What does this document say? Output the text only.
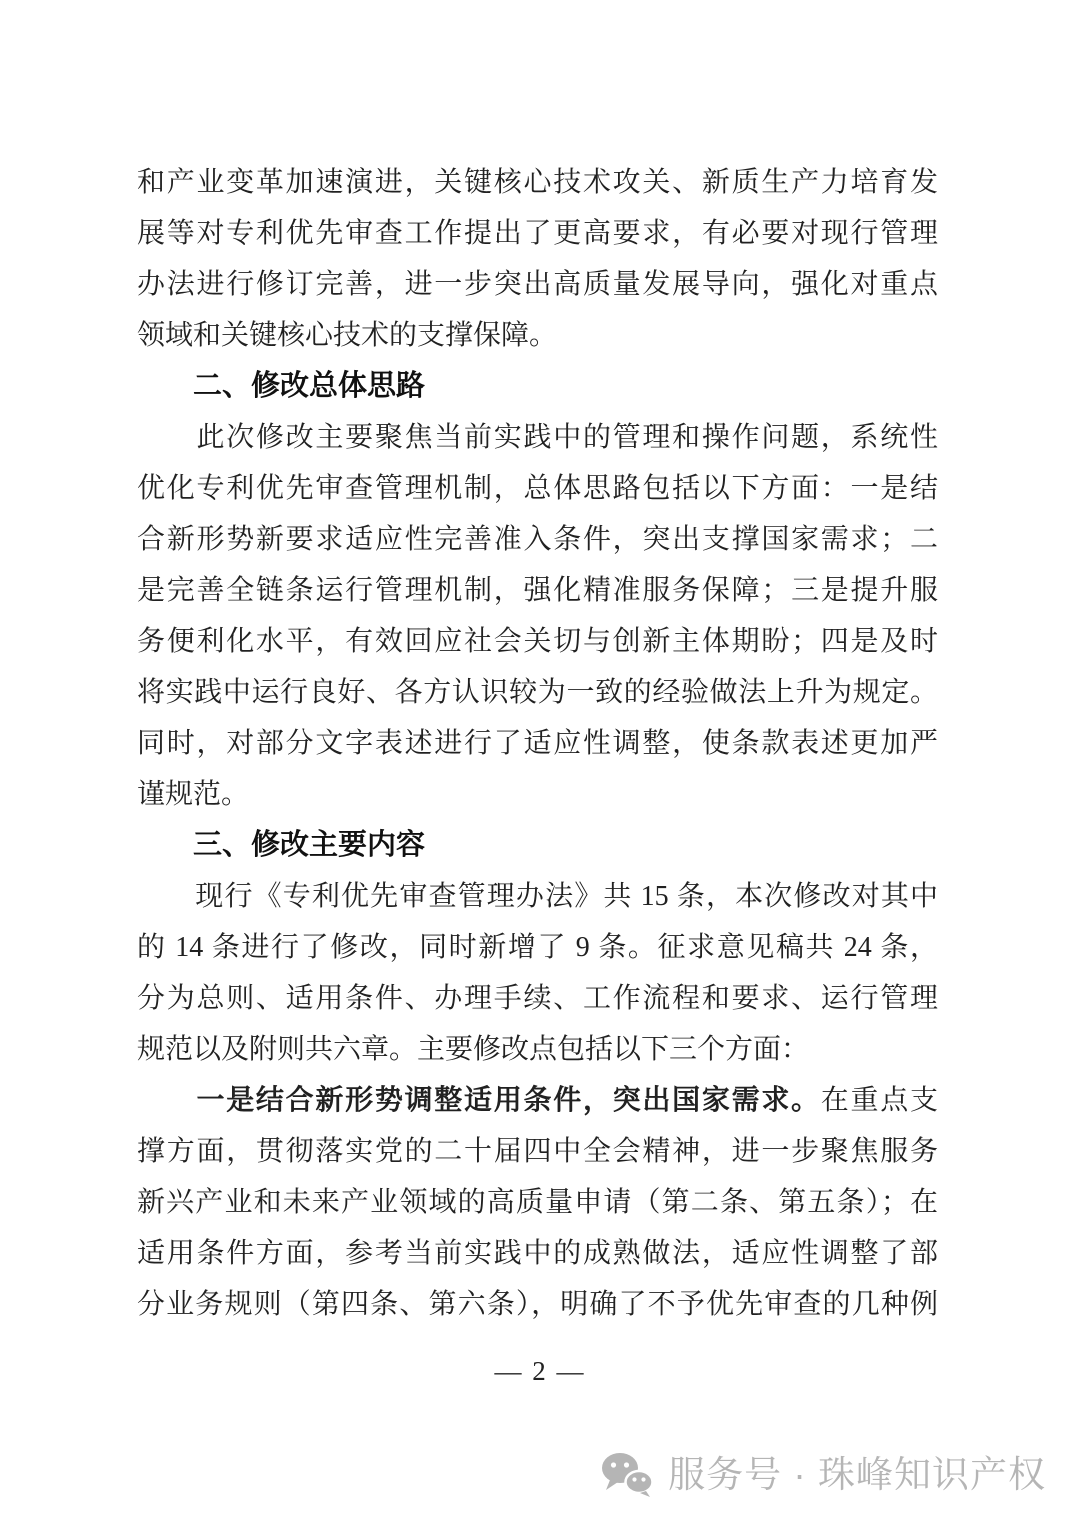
和产业变革加速演进，关键核心技术攻关、新质生产力培育发
展等对专利优先审查工作提出了更高要求，有必要对现行管理
办法进行修订完善，进一步突出高质量发展导向，强化对重点
领域和关键核心技术的支撑保障。
二、修改总体思路
　　此次修改主要聚焦当前实践中的管理和操作问题，系统性
优化专利优先审查管理机制，总体思路包括以下方面：一是结
合新形势新要求适应性完善准入条件，突出支撑国家需求；二
是完善全链条运行管理机制，强化精准服务保障；三是提升服
务便利化水平，有效回应社会关切与创新主体期盼；四是及时
将实践中运行良好、各方认识较为一致的经验做法上升为规定。
同时，对部分文字表述进行了适应性调整，使条款表述更加严
谨规范。
三、修改主要内容
　　现行《专利优先审查管理办法》共 15 条，本次修改对其中
的 14 条进行了修改，同时新增了 9 条。征求意见稿共 24 条，
分为总则、适用条件、办理手续、工作流程和要求、运行管理
规范以及附则共六章。主要修改点包括以下三个方面：
　　一是结合新形势调整适用条件，突出国家需求。在重点支
撑方面，贯彻落实党的二十届四中全会精神，进一步聚焦服务
新兴产业和未来产业领域的高质量申请（第二条、第五条）；在
适用条件方面，参考当前实践中的成熟做法，适应性调整了部
分业务规则（第四条、第六条），明确了不予优先审查的几种例
— 2 —
服务号 · 珠峰知识产权
